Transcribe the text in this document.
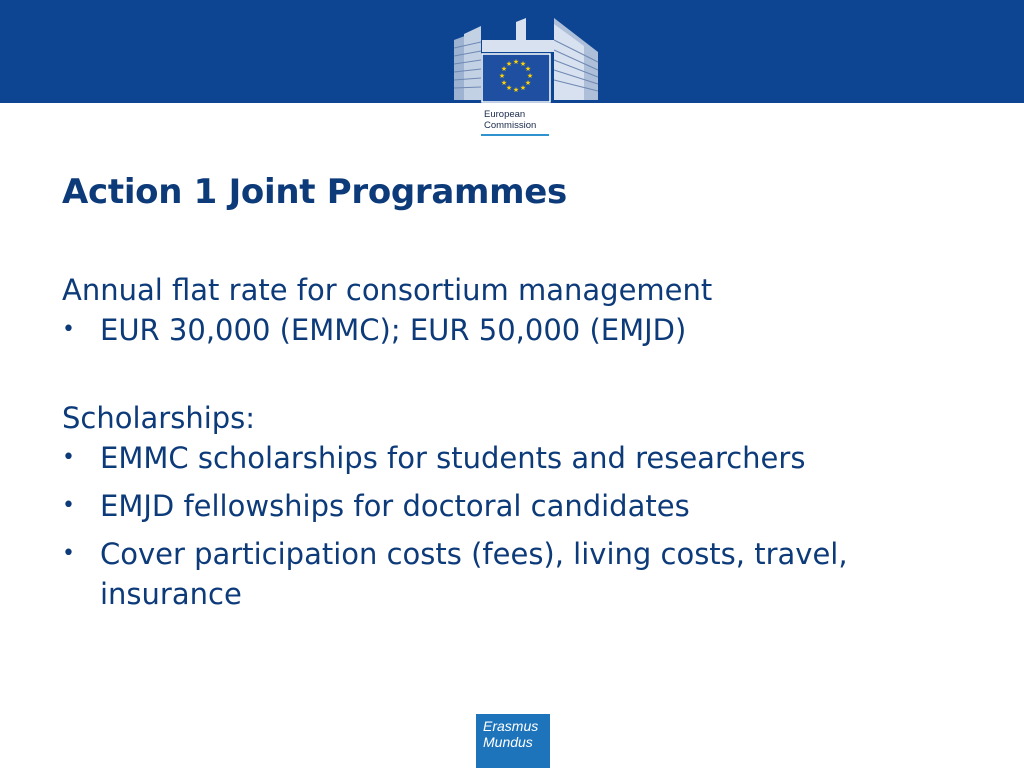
★ ★
★
★
★
★
★
★
★
★
★
★
European
Commission
Action 1 Joint Programmes

Annual flat rate for consortium management

• EUR 30,000 (EMMC); EUR 50,000 (EMJD)

Scholarships:

• EMMC scholarships for students and researchers
• EMJD fellowships for doctoral candidates
• Cover participation costs (fees), living costs, travel, insurance
Erasmus
Mundus
